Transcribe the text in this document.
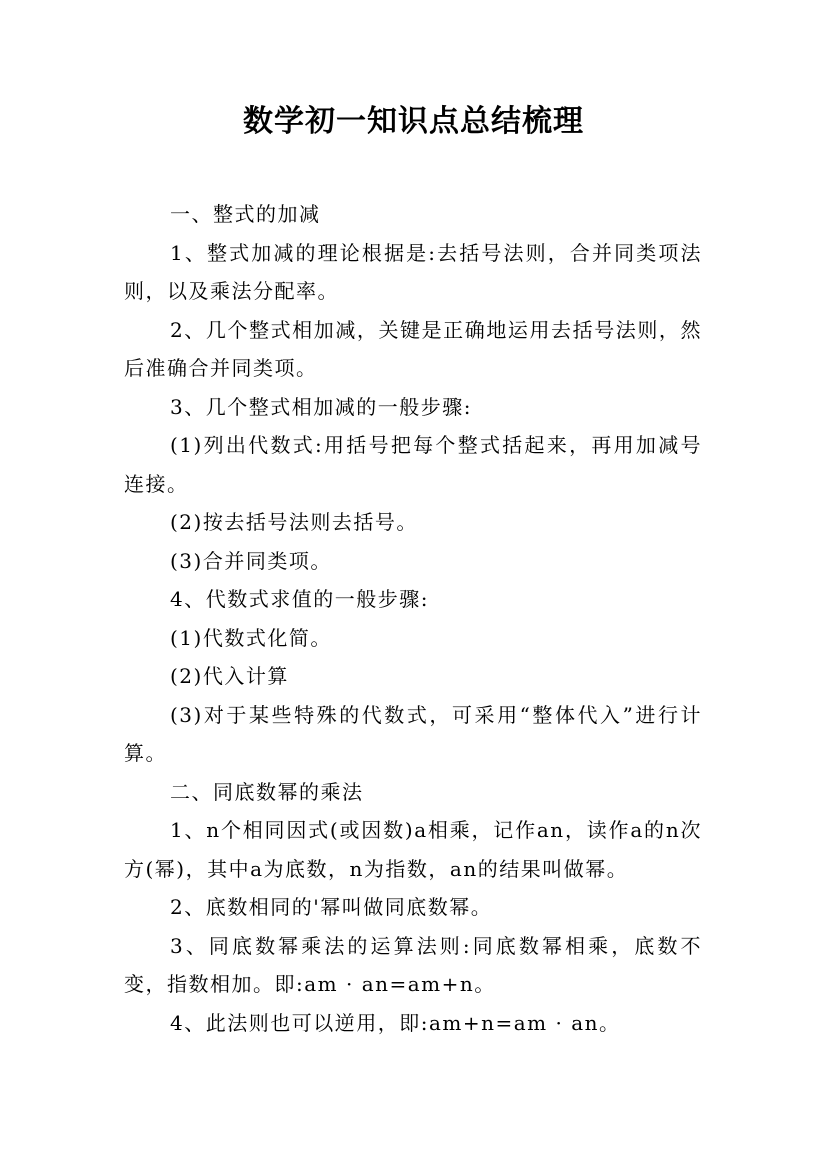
数学初一知识点总结梳理

一、整式的加减

1、整式加减的理论根据是:去括号法则，合并同类项法则，以及乘法分配率。

2、几个整式相加减，关键是正确地运用去括号法则，然后准确合并同类项。

3、几个整式相加减的一般步骤:

(1)列出代数式:用括号把每个整式括起来，再用加减号连接。

(2)按去括号法则去括号。

(3)合并同类项。

4、代数式求值的一般步骤:

(1)代数式化简。

(2)代入计算

(3)对于某些特殊的代数式，可采用“整体代入”进行计算。

二、同底数幂的乘法

1、n个相同因式(或因数)a相乘，记作an，读作a的n次方(幂)，其中a为底数，n为指数，an的结果叫做幂。

2、底数相同的'幂叫做同底数幂。

3、同底数幂乘法的运算法则:同底数幂相乘，底数不变，指数相加。即:am · an=am+n。

4、此法则也可以逆用，即:am+n=am · an。
